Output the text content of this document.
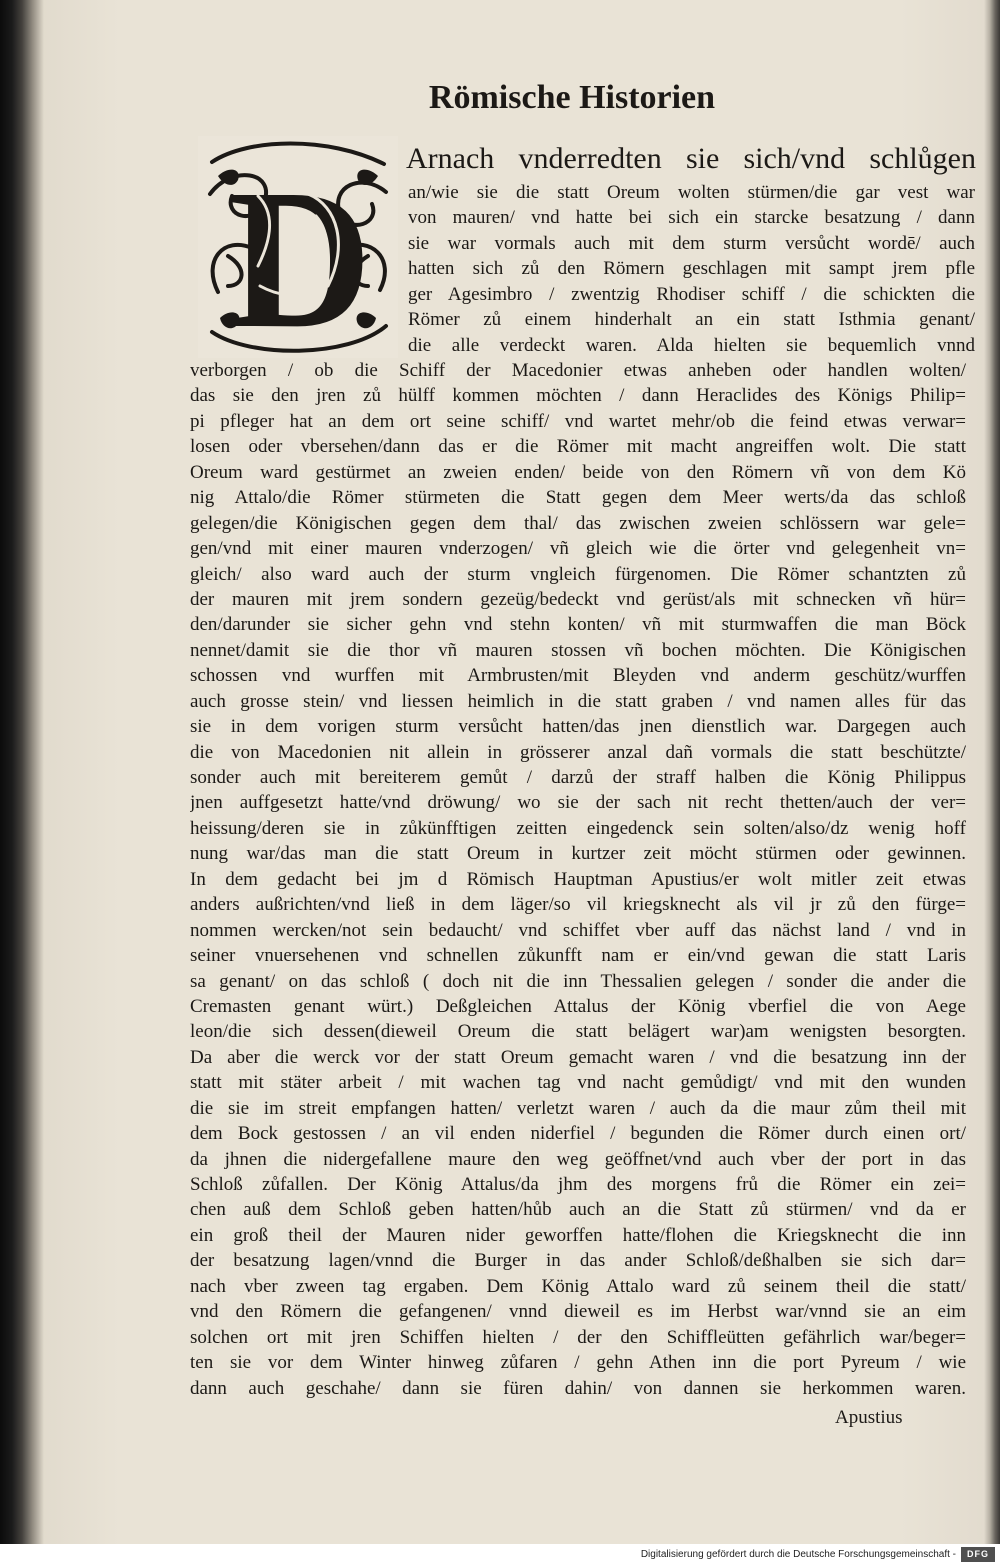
Römische Historien
D Arnach vnderredten sie sich/vnd schlůgen
an/wie sie die statt Oreum wolten stürmen/die gar vest war
von mauren/ vnd hatte bei sich ein starcke besatzung / dann
sie war vormals auch mit dem sturm versůcht wordē/ auch
hatten sich zů den Römern geschlagen mit sampt jrem pfle
ger Agesimbro / zwentzig Rhodiser schiff / die schickten die
Römer zů einem hinderhalt an ein statt Isthmia genant/
die alle verdeckt waren. Alda hielten sie bequemlich vnnd
verborgen / ob die Schiff der Macedonier etwas anheben oder handlen wolten/
das sie den jren zů hülff kommen möchten / dann Heraclides des Königs Philip=
pi pfleger hat an dem ort seine schiff/ vnd wartet mehr/ob die feind etwas verwar=
losen oder vbersehen/dann das er die Römer mit macht angreiffen wolt. Die statt
Oreum ward gestürmet an zweien enden/ beide von den Römern vñ von dem Kö
nig Attalo/die Römer stürmeten die Statt gegen dem Meer werts/da das schloß
gelegen/die Königischen gegen dem thal/ das zwischen zweien schlössern war gele=
gen/vnd mit einer mauren vnderzogen/ vñ gleich wie die örter vnd gelegenheit vn=
gleich/ also ward auch der sturm vngleich fürgenomen. Die Römer schantzten zů
der mauren mit jrem sondern gezeüg/bedeckt vnd gerüst/als mit schnecken vñ hür=
den/darunder sie sicher gehn vnd stehn konten/ vñ mit sturmwaffen die man Böck
nennet/damit sie die thor vñ mauren stossen vñ bochen möchten. Die Königischen
schossen vnd wurffen mit Armbrusten/mit Bleyden vnd anderm geschütz/wurffen
auch grosse stein/ vnd liessen heimlich in die statt graben / vnd namen alles für das
sie in dem vorigen sturm versůcht hatten/das jnen dienstlich war. Dargegen auch
die von Macedonien nit allein in grösserer anzal dañ vormals die statt beschützte/
sonder auch mit bereiterem gemůt / darzů der straff halben die König Philippus
jnen auffgesetzt hatte/vnd dröwung/ wo sie der sach nit recht thetten/auch der ver=
heissung/deren sie in zůkünfftigen zeitten eingedenck sein solten/also/dz wenig hoff
nung war/das man die statt Oreum in kurtzer zeit möcht stürmen oder gewinnen.
In dem gedacht bei jm d Römisch Hauptman Apustius/er wolt mitler zeit etwas
anders außrichten/vnd ließ in dem läger/so vil kriegsknecht als vil jr zů den fürge=
nommen wercken/not sein bedaucht/ vnd schiffet vber auff das nächst land / vnd in
seiner vnuersehenen vnd schnellen zůkunfft nam er ein/vnd gewan die statt Laris
sa genant/ on das schloß ( doch nit die inn Thessalien gelegen / sonder die ander die
Cremasten genant würt.) Deßgleichen Attalus der König vberfiel die von Aege
leon/die sich dessen(dieweil Oreum die statt belägert war)am wenigsten besorgten.
Da aber die werck vor der statt Oreum gemacht waren / vnd die besatzung inn der
statt mit stäter arbeit / mit wachen tag vnd nacht gemůdigt/ vnd mit den wunden
die sie im streit empfangen hatten/ verletzt waren / auch da die maur zům theil mit
dem Bock gestossen / an vil enden niderfiel / begunden die Römer durch einen ort/
da jhnen die nidergefallene maure den weg geöffnet/vnd auch vber der port in das
Schloß zůfallen. Der König Attalus/da jhm des morgens frů die Römer ein zei=
chen auß dem Schloß geben hatten/hůb auch an die Statt zů stürmen/ vnd da er
ein groß theil der Mauren nider geworffen hatte/flohen die Kriegsknecht die inn
der besatzung lagen/vnnd die Burger in das ander Schloß/deßhalben sie sich dar=
nach vber zween tag ergaben. Dem König Attalo ward zů seinem theil die statt/
vnd den Römern die gefangenen/ vnnd dieweil es im Herbst war/vnnd sie an eim
solchen ort mit jren Schiffen hielten / der den Schiffleütten gefährlich war/beger=
ten sie vor dem Winter hinweg zůfaren / gehn Athen inn die port Pyreum / wie
dann auch geschahe/ dann sie füren dahin/ von dannen sie herkommen waren.
Apustius
Digitalisierung gefördert durch die Deutsche Forschungsgemeinschaft -	DFG
